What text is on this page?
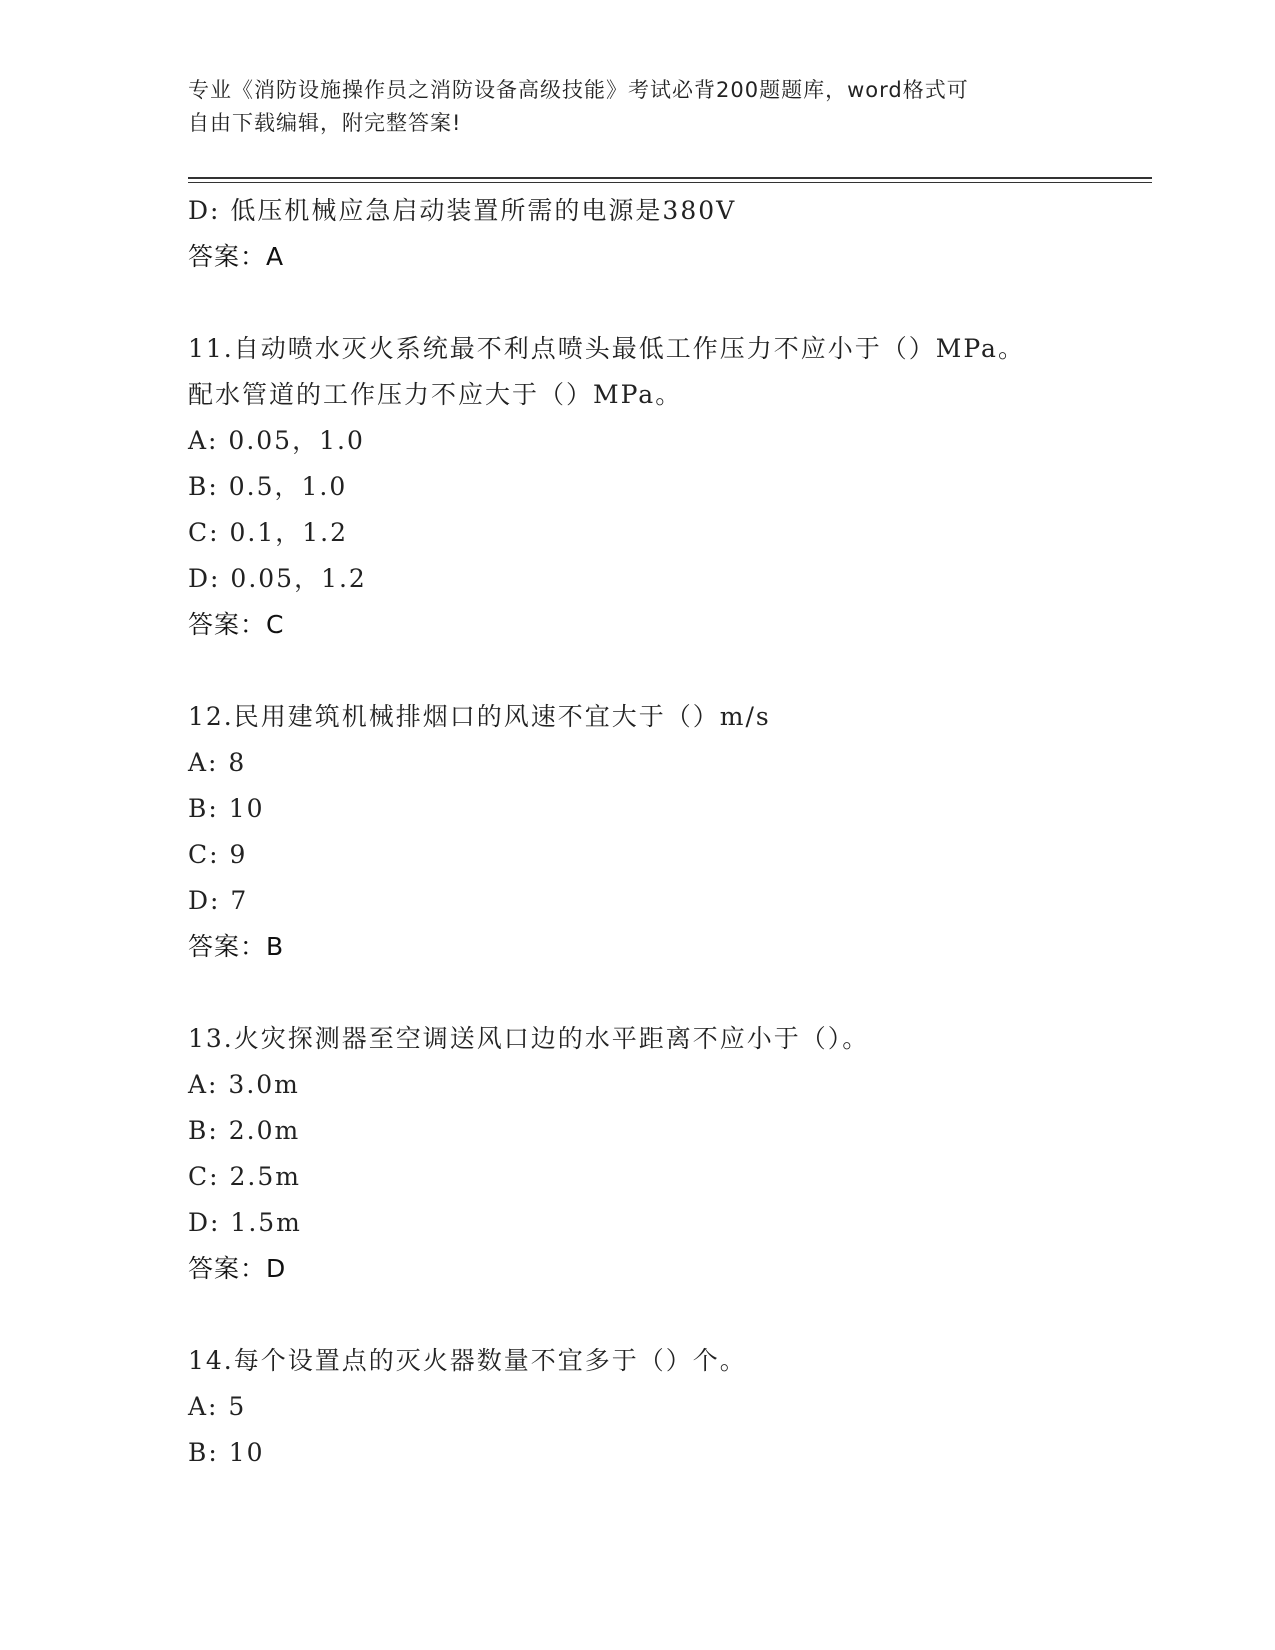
专业《消防设施操作员之消防设备高级技能》考试必背200题题库，word格式可
自由下载编辑，附完整答案!
D: 低压机械应急启动装置所需的电源是380V
答案：A
11.自动喷水灭火系统最不利点喷头最低工作压力不应小于（）MPa。
配水管道的工作压力不应大于（）MPa。
A: 0.05，1.0
B: 0.5，1.0
C: 0.1，1.2
D: 0.05，1.2
答案：C
12.民用建筑机械排烟口的风速不宜大于（）m/s
A: 8
B: 10
C: 9
D: 7
答案：B
13.火灾探测器至空调送风口边的水平距离不应小于（）。
A: 3.0m
B: 2.0m
C: 2.5m
D: 1.5m
答案：D
14.每个设置点的灭火器数量不宜多于（）个。
A: 5
B: 10
